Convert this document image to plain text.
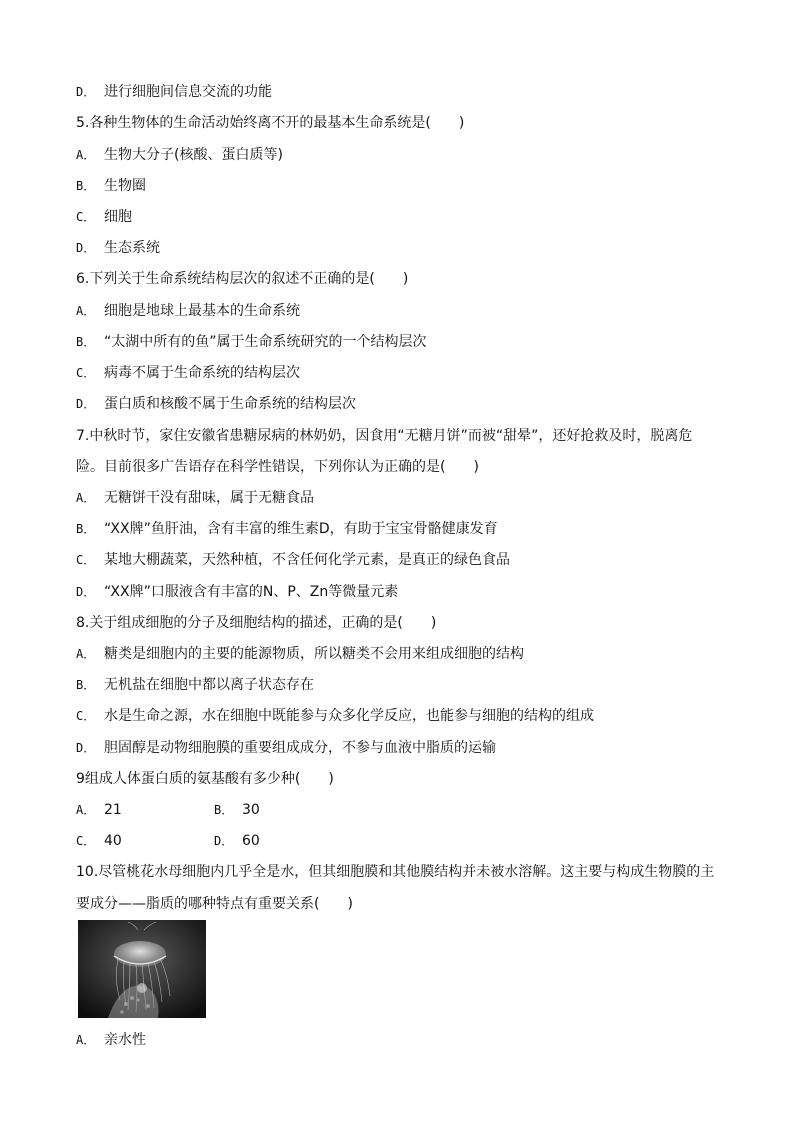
D． 进行细胞间信息交流的功能
5.各种生物体的生命活动始终离不开的最基本生命系统是(　　)
A． 生物大分子(核酸、蛋白质等)
B． 生物圈
C． 细胞
D． 生态系统
6.下列关于生命系统结构层次的叙述不正确的是(　　)
A． 细胞是地球上最基本的生命系统
B． “太湖中所有的鱼”属于生命系统研究的一个结构层次
C． 病毒不属于生命系统的结构层次
D． 蛋白质和核酸不属于生命系统的结构层次
7.中秋时节，家住安徽省患糖尿病的林奶奶，因食用“无糖月饼”而被“甜晕”，还好抢救及时，脱离危
险。目前很多广告语存在科学性错误，下列你认为正确的是(　　)
A． 无糖饼干没有甜味，属于无糖食品
B． “XX牌”鱼肝油，含有丰富的维生素D，有助于宝宝骨骼健康发育
C． 某地大棚蔬菜，天然种植，不含任何化学元素，是真正的绿色食品
D． “XX牌”口服液含有丰富的N、P、Zn等微量元素
8.关于组成细胞的分子及细胞结构的描述，正确的是(　　)
A． 糖类是细胞内的主要的能源物质，所以糖类不会用来组成细胞的结构
B． 无机盐在细胞中都以离子状态存在
C． 水是生命之源，水在细胞中既能参与众多化学反应，也能参与细胞的结构的组成
D． 胆固醇是动物细胞膜的重要组成成分，不参与血液中脂质的运输
9组成人体蛋白质的氨基酸有多少种(　　)
A． 21	B． 30
C． 40	D． 60
10.尽管桃花水母细胞内几乎全是水，但其细胞膜和其他膜结构并未被水溶解。这主要与构成生物膜的主
要成分——脂质的哪种特点有重要关系(　　)
A． 亲水性
